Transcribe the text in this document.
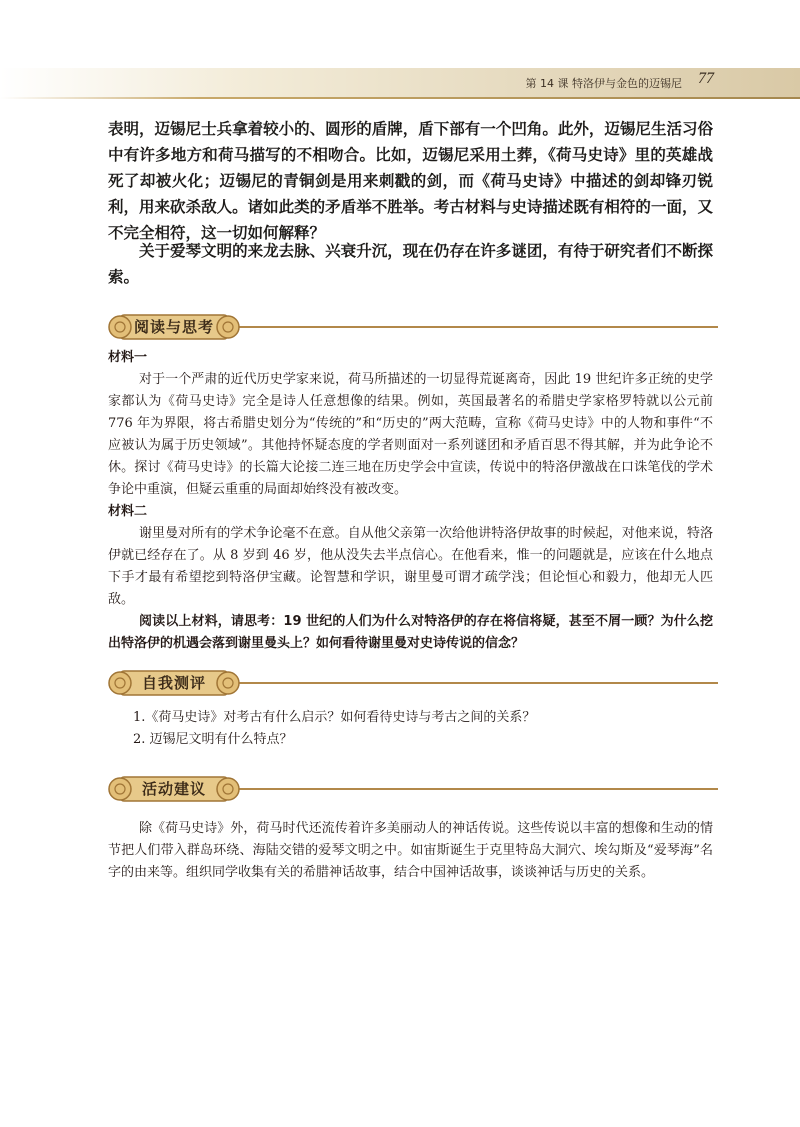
第 14 课 特洛伊与金色的迈锡尼 77
表明，迈锡尼士兵拿着较小的、圆形的盾牌，盾下部有一个凹角。此外，迈锡尼生活习俗中有许多地方和荷马描写的不相吻合。比如，迈锡尼采用土葬，《荷马史诗》里的英雄战死了却被火化；迈锡尼的青铜剑是用来刺戳的剑，而《荷马史诗》中描述的剑却锋刃锐利，用来砍杀敌人。诸如此类的矛盾举不胜举。考古材料与史诗描述既有相符的一面，又不完全相符，这一切如何解释？
关于爱琴文明的来龙去脉、兴衰升沉，现在仍存在许多谜团，有待于研究者们不断探索。
阅读与思考

材料一

对于一个严肃的近代历史学家来说，荷马所描述的一切显得荒诞离奇，因此 19 世纪许多正统的史学家都认为《荷马史诗》完全是诗人任意想像的结果。例如，英国最著名的希腊史学家格罗特就以公元前 776 年为界限，将古希腊史划分为“传统的”和“历史的”两大范畴，宣称《荷马史诗》中的人物和事件“不应被认为属于历史领域”。其他持怀疑态度的学者则面对一系列谜团和矛盾百思不得其解，并为此争论不休。探讨《荷马史诗》的长篇大论接二连三地在历史学会中宣读，传说中的特洛伊激战在口诛笔伐的学术争论中重演，但疑云重重的局面却始终没有被改变。

材料二

谢里曼对所有的学术争论毫不在意。自从他父亲第一次给他讲特洛伊故事的时候起，对他来说，特洛伊就已经存在了。从 8 岁到 46 岁，他从没失去半点信心。在他看来，惟一的问题就是，应该在什么地点下手才最有希望挖到特洛伊宝藏。论智慧和学识，谢里曼可谓才疏学浅；但论恒心和毅力，他却无人匹敌。

阅读以上材料，请思考：19 世纪的人们为什么对特洛伊的存在将信将疑，甚至不屑一顾？为什么挖出特洛伊的机遇会落到谢里曼头上？如何看待谢里曼对史诗传说的信念？

自我测评

1.《荷马史诗》对考古有什么启示？如何看待史诗与考古之间的关系？

2. 迈锡尼文明有什么特点？

活动建议
除《荷马史诗》外，荷马时代还流传着许多美丽动人的神话传说。这些传说以丰富的想像和生动的情节把人们带入群岛环绕、海陆交错的爱琴文明之中。如宙斯诞生于克里特岛大洞穴、埃勾斯及“爱琴海”名字的由来等。组织同学收集有关的希腊神话故事，结合中国神话故事，谈谈神话与历史的关系。
